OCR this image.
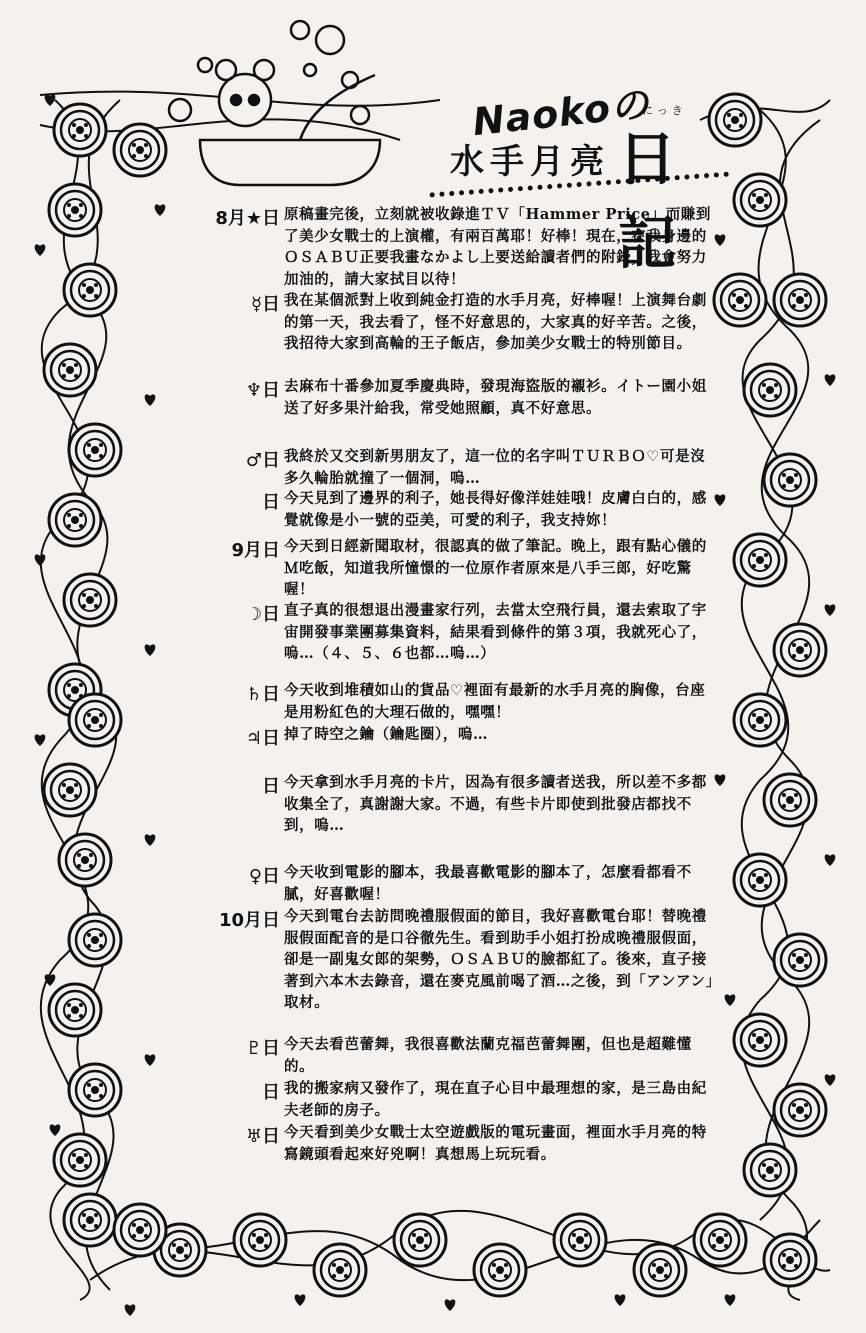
Naokoの
水手月亮
にっき
日記
8月★日 原稿畫完後，立刻就被收錄進ＴＶ「Hammer Price」而賺到了美少女戰士的上演權，有兩百萬耶！好棒！現在，在我身邊的ＯＳＡＢＵ正要我畫なかよし上要送給讀者們的附錄，我會努力加油的，請大家拭目以待！
☿日 我在某個派對上收到純金打造的水手月亮，好棒喔！上演舞台劇的第一天，我去看了，怪不好意思的，大家真的好辛苦。之後，我招待大家到高輪的王子飯店，參加美少女戰士的特別節目。
♆日 去麻布十番參加夏季慶典時，發現海盜版的襯衫。イトー園小姐送了好多果汁給我，常受她照顧，真不好意思。
♂日 我終於又交到新男朋友了，這一位的名字叫ＴＵＲＢＯ♡可是沒多久輪胎就撞了一個洞，嗚…
日 今天見到了邊界的利子，她長得好像洋娃娃哦！皮膚白白的，感覺就像是小一號的亞美，可愛的利子，我支持妳！
9月日 今天到日經新聞取材，很認真的做了筆記。晚上，跟有點心儀的Ｍ吃飯，知道我所憧憬的一位原作者原來是八手三郎，好吃驚喔！
☽日 直子真的很想退出漫畫家行列，去當太空飛行員，還去索取了宇宙開發事業團募集資料，結果看到條件的第３項，我就死心了，嗚…（４、５、６也都…嗚…）
♄日 今天收到堆積如山的貨品♡裡面有最新的水手月亮的胸像，台座是用粉紅色的大理石做的，嘿嘿！
♃日 掉了時空之鑰（鑰匙圈），嗚…
日 今天拿到水手月亮的卡片，因為有很多讀者送我，所以差不多都收集全了，真謝謝大家。不過，有些卡片即使到批發店都找不到，嗚…
♀日 今天收到電影的腳本，我最喜歡電影的腳本了，怎麼看都看不膩，好喜歡喔！
10月日 今天到電台去訪問晚禮服假面的節目，我好喜歡電台耶！替晚禮服假面配音的是口谷徹先生。看到助手小姐打扮成晚禮服假面，卻是一副鬼女郎的架勢，ＯＳＡＢＵ的臉都紅了。後來，直子接著到六本木去錄音，還在麥克風前喝了酒…之後，到「アンアン」取材。
♇日 今天去看芭蕾舞，我很喜歡法蘭克福芭蕾舞團，但也是超難懂的。
日 我的搬家病又發作了，現在直子心目中最理想的家，是三島由紀夫老師的房子。
♅日 今天看到美少女戰士太空遊戲版的電玩畫面，裡面水手月亮的特寫鏡頭看起來好兇啊！真想馬上玩玩看。
